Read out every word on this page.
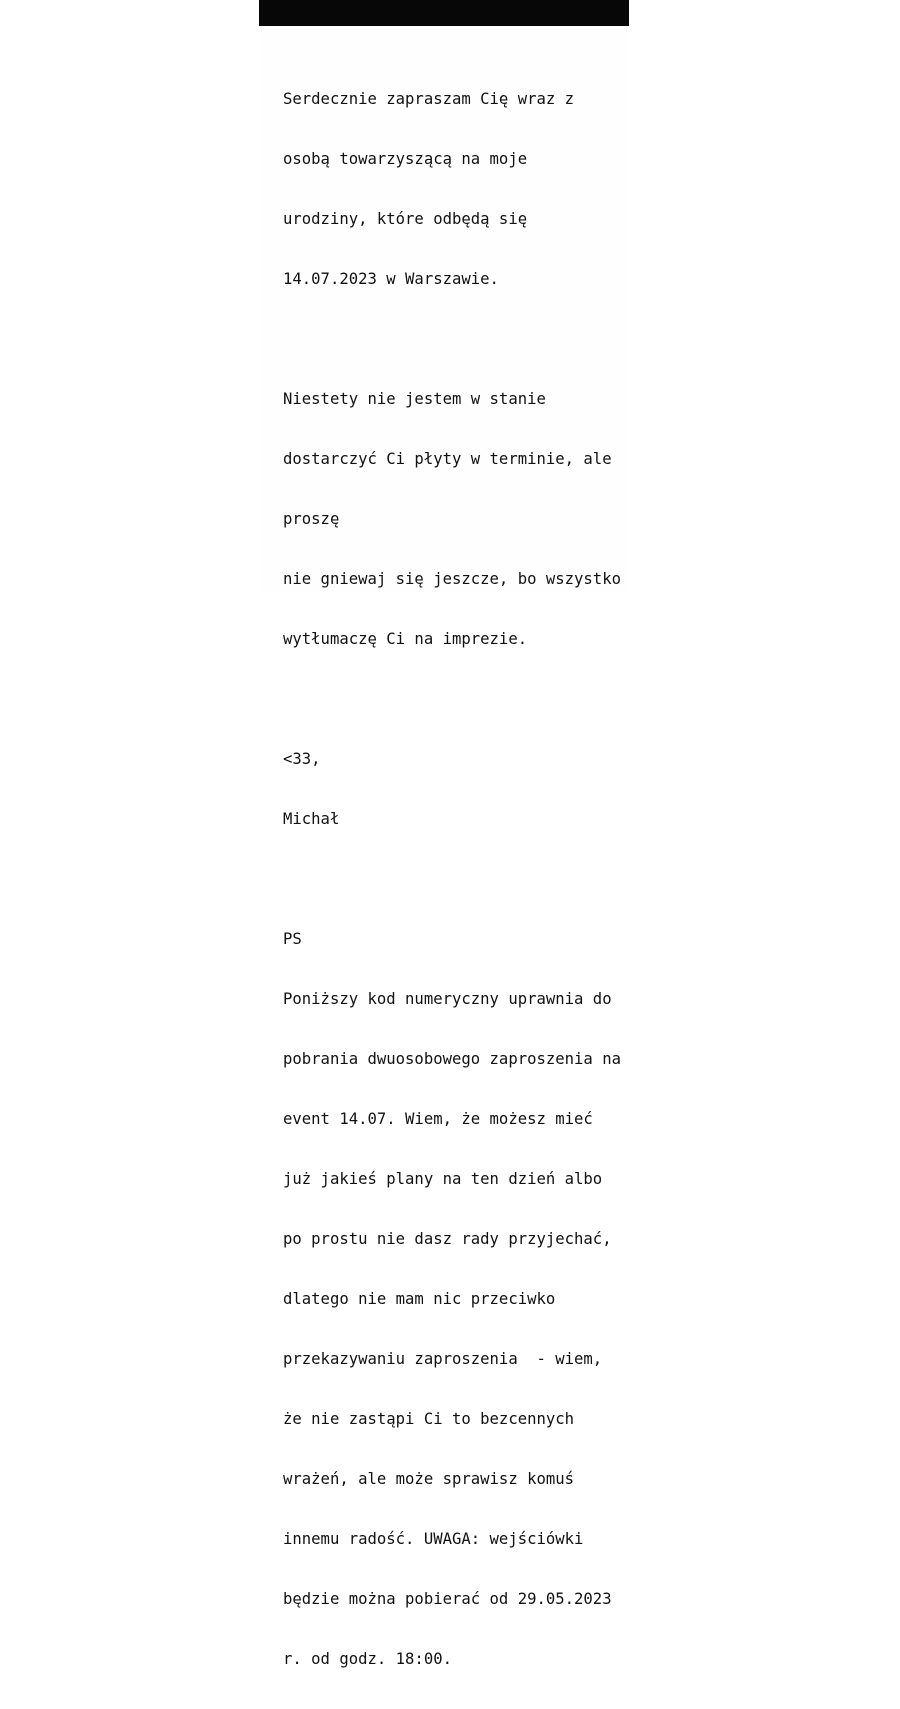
Serdecznie zapraszam Cię wraz z

osobą towarzyszącą na moje

urodziny, które odbędą się

14.07.2023 w Warszawie.

Niestety nie jestem w stanie

dostarczyć Ci płyty w terminie, ale

proszę

nie gniewaj się jeszcze, bo wszystko

wytłumaczę Ci na imprezie.

<33,

Michał

PS

Poniższy kod numeryczny uprawnia do

pobrania dwuosobowego zaproszenia na

event 14.07. Wiem, że możesz mieć

już jakieś plany na ten dzień albo

po prostu nie dasz rady przyjechać,

dlatego nie mam nic przeciwko

przekazywaniu zaproszenia  - wiem,

że nie zastąpi Ci to bezcennych

wrażeń, ale może sprawisz komuś

innemu radość. UWAGA: wejściówki

będzie można pobierać od 29.05.2023

r. od godz. 18:00.
